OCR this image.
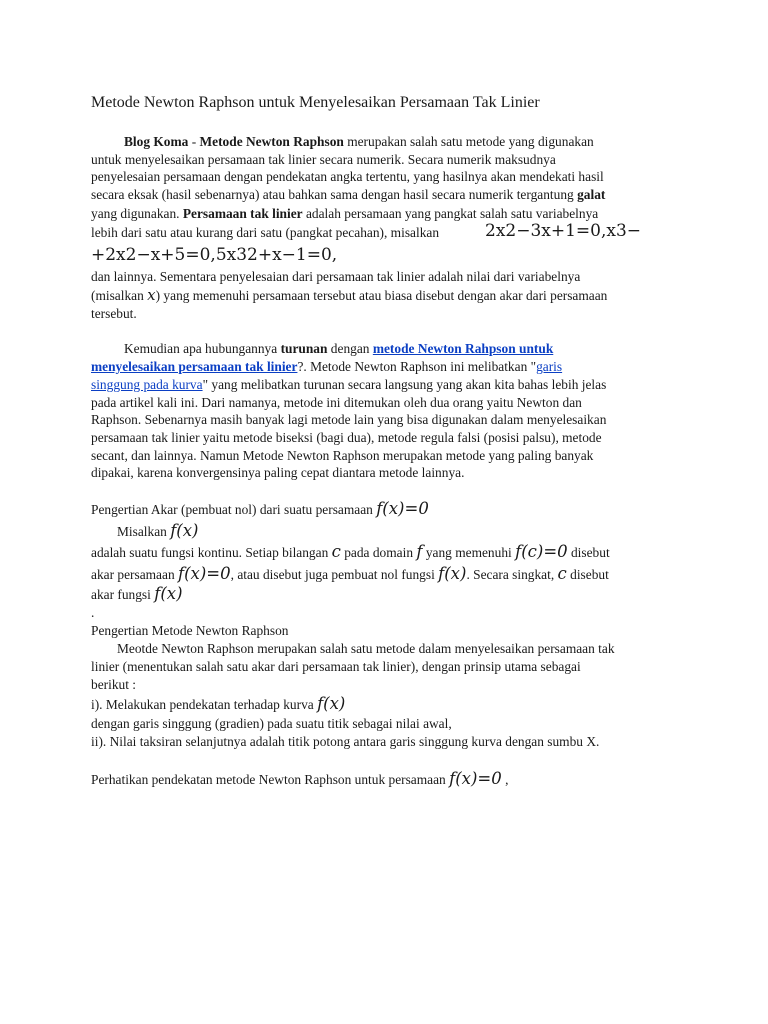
Metode Newton Raphson untuk Menyelesaikan Persamaan Tak Linier
Blog Koma - Metode Newton Raphson merupakan salah satu metode yang digunakan
untuk menyelesaikan persamaan tak linier secara numerik. Secara numerik maksudnya
penyelesaian persamaan dengan pendekatan angka tertentu, yang hasilnya akan mendekati hasil
secara eksak (hasil sebenarnya) atau bahkan sama dengan hasil secara numerik tergantung galat
yang digunakan. Persamaan tak linier adalah persamaan yang pangkat salah satu variabelnya
lebih dari satu atau kurang dari satu (pangkat pecahan), misalkan	2x2−3x+1=0,x3−
+2x2−x+5=0,5x32+x−1=0,
dan lainnya. Sementara penyelesaian dari persamaan tak linier adalah nilai dari variabelnya
(misalkan x) yang memenuhi persamaan tersebut atau biasa disebut dengan akar dari persamaan
tersebut.
Kemudian apa hubungannya turunan dengan metode Newton Rahpson untuk
menyelesaikan persamaan tak linier?. Metode Newton Raphson ini melibatkan "garis
singgung pada kurva" yang melibatkan turunan secara langsung yang akan kita bahas lebih jelas
pada artikel kali ini. Dari namanya, metode ini ditemukan oleh dua orang yaitu Newton dan
Raphson. Sebenarnya masih banyak lagi metode lain yang bisa digunakan dalam menyelesaikan
persamaan tak linier yaitu metode biseksi (bagi dua), metode regula falsi (posisi palsu), metode
secant, dan lainnya. Namun Metode Newton Raphson merupakan metode yang paling banyak
dipakai, karena konvergensinya paling cepat diantara metode lainnya.
Pengertian Akar (pembuat nol) dari suatu persamaan f(x)=0
Misalkan f(x)
adalah suatu fungsi kontinu. Setiap bilangan c pada domain f yang memenuhi f(c)=0 disebut
akar persamaan f(x)=0, atau disebut juga pembuat nol fungsi f(x). Secara singkat, c disebut
akar fungsi f(x)
.
Pengertian Metode Newton Raphson
Meotde Newton Raphson merupakan salah satu metode dalam menyelesaikan persamaan tak
linier (menentukan salah satu akar dari persamaan tak linier), dengan prinsip utama sebagai
berikut :
i). Melakukan pendekatan terhadap kurva f(x)
dengan garis singgung (gradien) pada suatu titik sebagai nilai awal,
ii). Nilai taksiran selanjutnya adalah titik potong antara garis singgung kurva dengan sumbu X.
Perhatikan pendekatan metode Newton Raphson untuk persamaan f(x)=0 ,
